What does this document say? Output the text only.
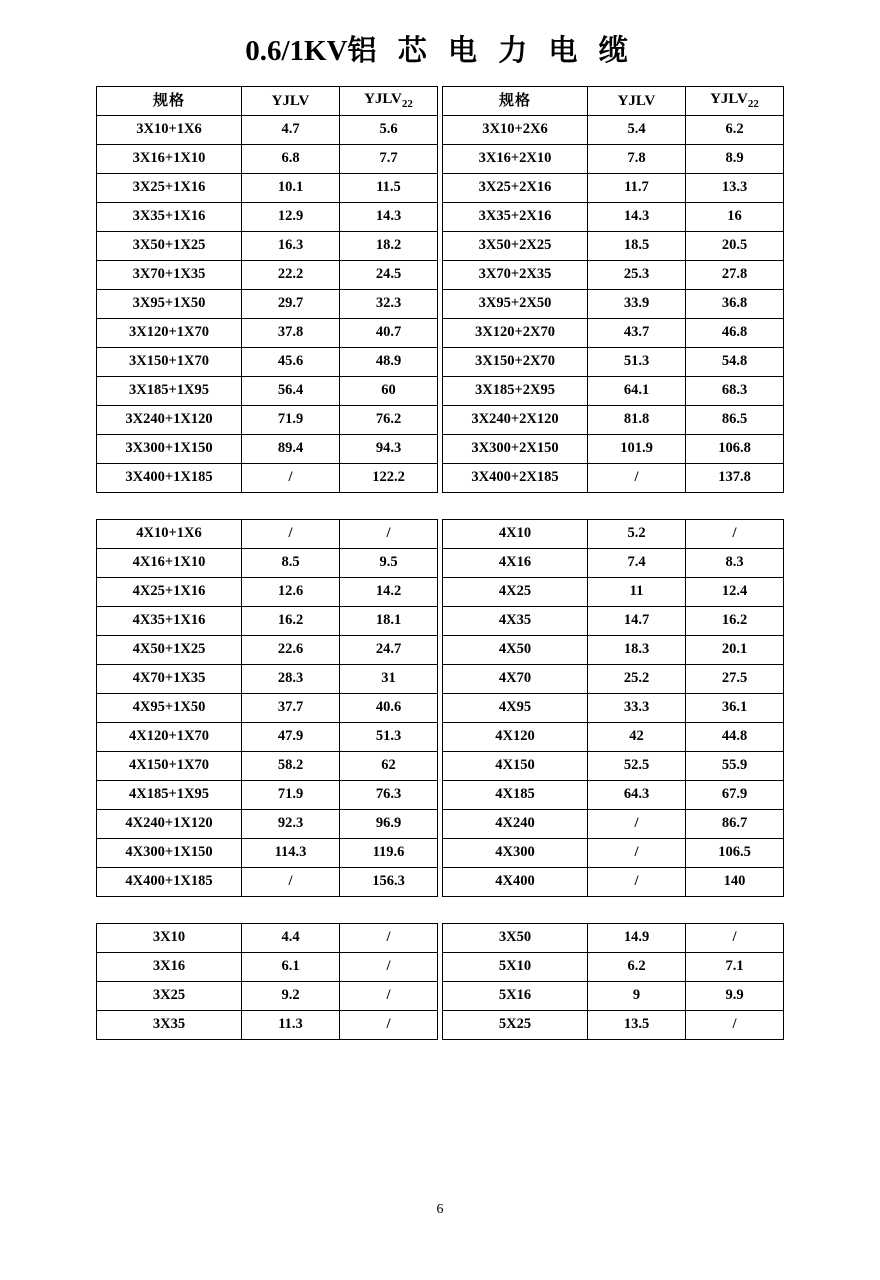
0.6/1KV铝 芯 电 力 电 缆
规格	YJLV	$YJLV_{22}$
3X10+1X6	4.7	5.6
3X16+1X10	6.8	7.7
3X25+1X16	10.1	11.5
3X35+1X16	12.9	14.3
3X50+1X25	16.3	18.2
3X70+1X35	22.2	24.5
3X95+1X50	29.7	32.3
3X120+1X70	37.8	40.7
3X150+1X70	45.6	48.9
3X185+1X95	56.4	60
3X240+1X120	71.9	76.2
3X300+1X150	89.4	94.3
3X400+1X185	/	122.2
规格	YJLV	$YJLV_{22}$
3X10+2X6	5.4	6.2
3X16+2X10	7.8	8.9
3X25+2X16	11.7	13.3
3X35+2X16	14.3	16
3X50+2X25	18.5	20.5
3X70+2X35	25.3	27.8
3X95+2X50	33.9	36.8
3X120+2X70	43.7	46.8
3X150+2X70	51.3	54.8
3X185+2X95	64.1	68.3
3X240+2X120	81.8	86.5
3X300+2X150	101.9	106.8
3X400+2X185	/	137.8
4X10+1X6	/	/
4X16+1X10	8.5	9.5
4X25+1X16	12.6	14.2
4X35+1X16	16.2	18.1
4X50+1X25	22.6	24.7
4X70+1X35	28.3	31
4X95+1X50	37.7	40.6
4X120+1X70	47.9	51.3
4X150+1X70	58.2	62
4X185+1X95	71.9	76.3
4X240+1X120	92.3	96.9
4X300+1X150	114.3	119.6
4X400+1X185	/	156.3
4X10	5.2	/
4X16	7.4	8.3
4X25	11	12.4
4X35	14.7	16.2
4X50	18.3	20.1
4X70	25.2	27.5
4X95	33.3	36.1
4X120	42	44.8
4X150	52.5	55.9
4X185	64.3	67.9
4X240	/	86.7
4X300	/	106.5
4X400	/	140
3X10	4.4	/
3X16	6.1	/
3X25	9.2	/
3X35	11.3	/
3X50	14.9	/
5X10	6.2	7.1
5X16	9	9.9
5X25	13.5	/
6
